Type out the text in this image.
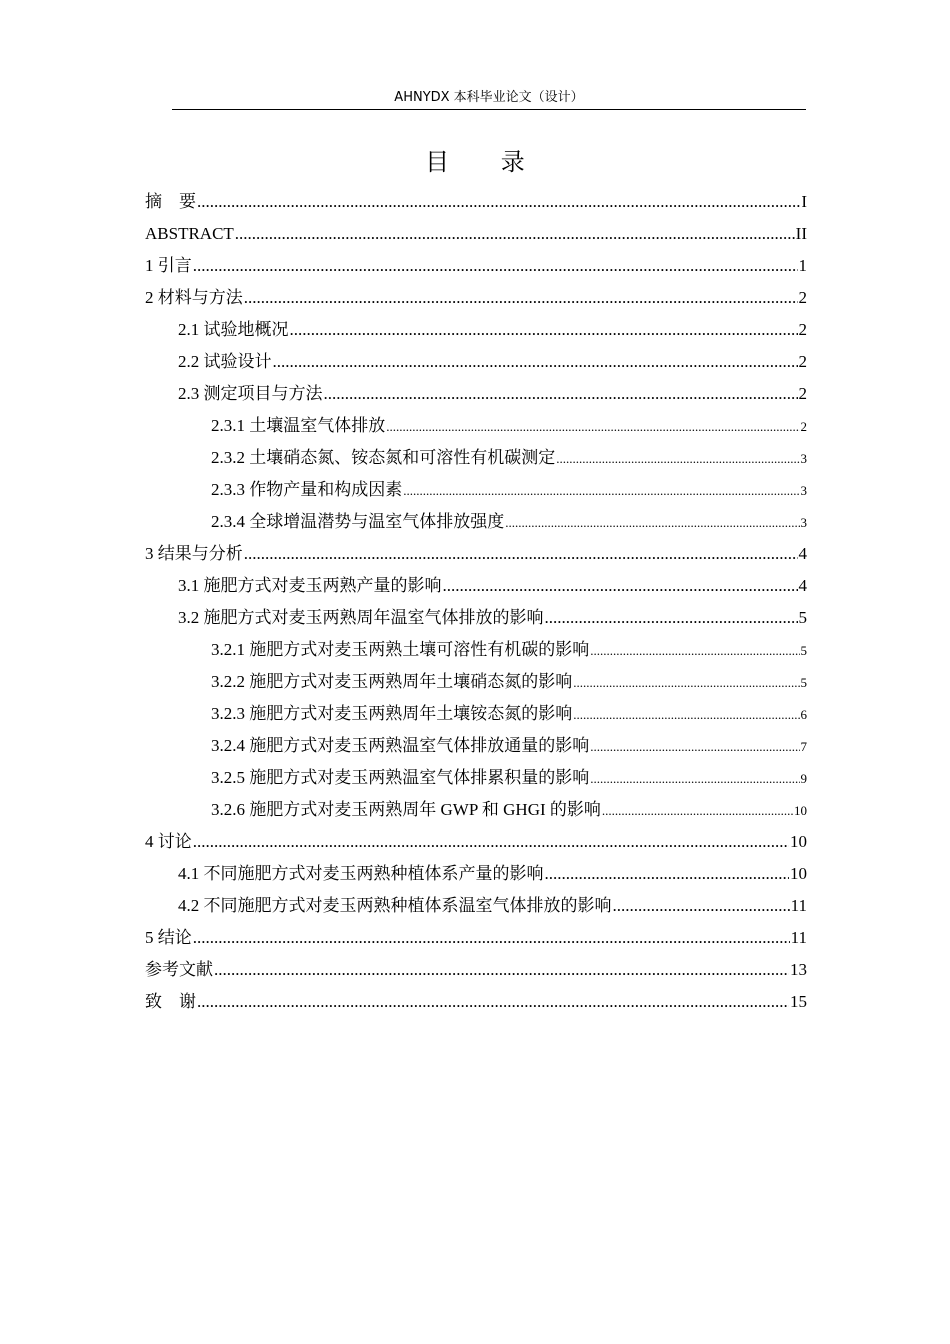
AHNYDX 本科毕业论文（设计）
目 录
摘    要 .....	I
ABSTRACT .....	II
1 引言 .....	1
2 材料与方法 .....	2
2.1 试验地概况 .....	2
2.2 试验设计 .....	2
2.3 测定项目与方法 .....	2
2.3.1 土壤温室气体排放 .....	2
2.3.2 土壤硝态氮、铵态氮和可溶性有机碳测定 .....	3
2.3.3 作物产量和构成因素 .....	3
2.3.4 全球增温潜势与温室气体排放强度 .....	3
3 结果与分析 .....	4
3.1 施肥方式对麦玉两熟产量的影响 .....	4
3.2 施肥方式对麦玉两熟周年温室气体排放的影响 .....	5
3.2.1 施肥方式对麦玉两熟土壤可溶性有机碳的影响 .....	5
3.2.2 施肥方式对麦玉两熟周年土壤硝态氮的影响 .....	5
3.2.3 施肥方式对麦玉两熟周年土壤铵态氮的影响 .....	6
3.2.4 施肥方式对麦玉两熟温室气体排放通量的影响 .....	7
3.2.5 施肥方式对麦玉两熟温室气体排累积量的影响 .....	9
3.2.6 施肥方式对麦玉两熟周年 GWP 和 GHGI 的影响 .....	10
4 讨论 .....	10
4.1 不同施肥方式对麦玉两熟种植体系产量的影响 .....	10
4.2 不同施肥方式对麦玉两熟种植体系温室气体排放的影响 .....	11
5 结论 .....	11
参考文献 .....	13
致    谢 .....	15
